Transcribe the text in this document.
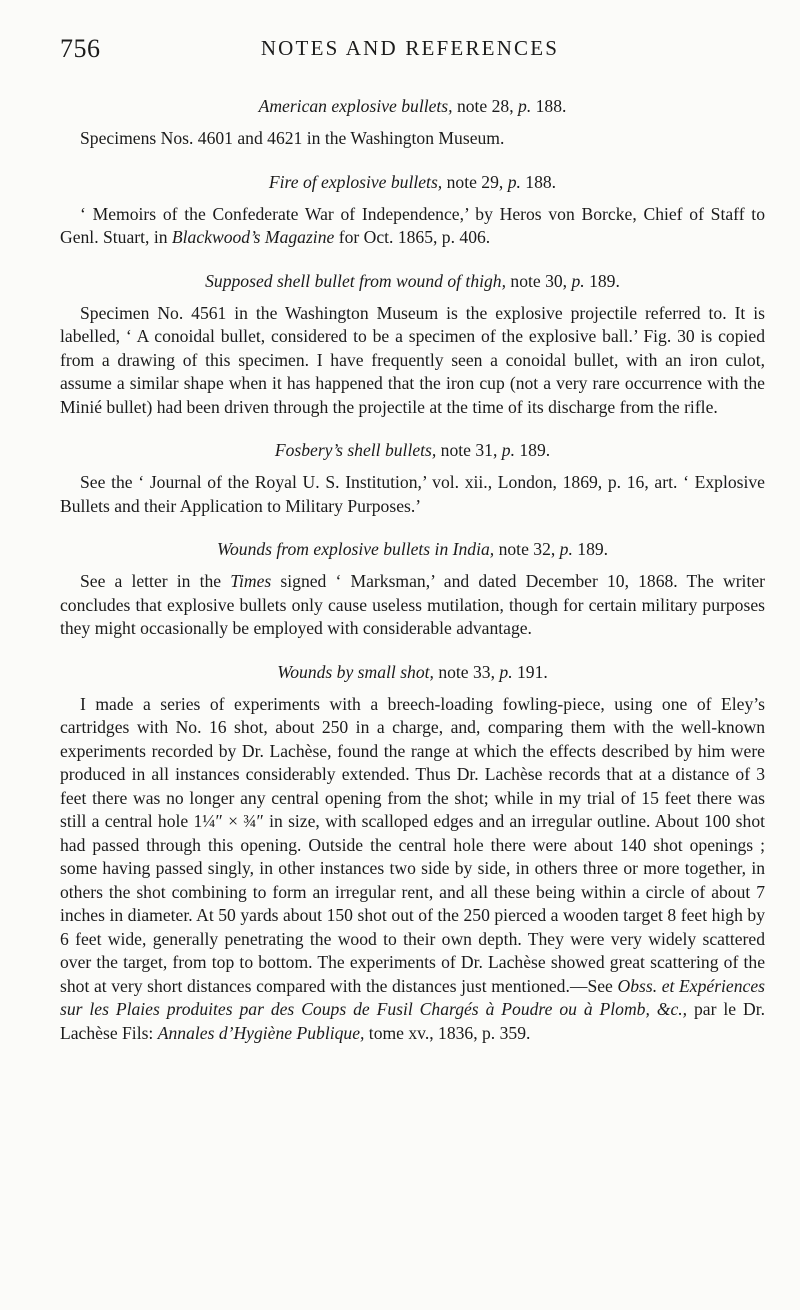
756	NOTES AND REFERENCES

American explosive bullets, note 28, p. 188.

Specimens Nos. 4601 and 4621 in the Washington Museum.

Fire of explosive bullets, note 29, p. 188.

‘ Memoirs of the Confederate War of Independence,’ by Heros von Borcke, Chief of Staff to Genl. Stuart, in Blackwood’s Magazine for Oct. 1865, p. 406.

Supposed shell bullet from wound of thigh, note 30, p. 189.

Specimen No. 4561 in the Washington Museum is the explosive projectile referred to. It is labelled, ‘ A conoidal bullet, considered to be a specimen of the explosive ball.’ Fig. 30 is copied from a drawing of this specimen. I have frequently seen a conoidal bullet, with an iron culot, assume a similar shape when it has happened that the iron cup (not a very rare occurrence with the Minié bullet) had been driven through the projectile at the time of its discharge from the rifle.

Fosbery’s shell bullets, note 31, p. 189.

See the ‘ Journal of the Royal U. S. Institution,’ vol. xii., London, 1869, p. 16, art. ‘ Explosive Bullets and their Application to Military Purposes.’

Wounds from explosive bullets in India, note 32, p. 189.

See a letter in the Times signed ‘ Marksman,’ and dated December 10, 1868. The writer concludes that explosive bullets only cause useless mutilation, though for certain military purposes they might occasionally be employed with considerable advantage.

Wounds by small shot, note 33, p. 191.

I made a series of experiments with a breech-loading fowling-piece, using one of Eley’s cartridges with No. 16 shot, about 250 in a charge, and, comparing them with the well-known experiments recorded by Dr. Lachèse, found the range at which the effects described by him were produced in all instances considerably extended. Thus Dr. Lachèse records that at a distance of 3 feet there was no longer any central opening from the shot; while in my trial of 15 feet there was still a central hole 1¼″ × ¾″ in size, with scalloped edges and an irregular outline. About 100 shot had passed through this opening. Outside the central hole there were about 140 shot openings ; some having passed singly, in other instances two side by side, in others three or more together, in others the shot combining to form an irregular rent, and all these being within a circle of about 7 inches in diameter. At 50 yards about 150 shot out of the 250 pierced a wooden target 8 feet high by 6 feet wide, generally penetrating the wood to their own depth. They were very widely scattered over the target, from top to bottom. The experiments of Dr. Lachèse showed great scattering of the shot at very short distances compared with the distances just mentioned.—See Obss. et Expériences sur les Plaies produites par des Coups de Fusil Chargés à Poudre ou à Plomb, &c., par le Dr. Lachèse Fils: Annales d’Hygiène Publique, tome xv., 1836, p. 359.
